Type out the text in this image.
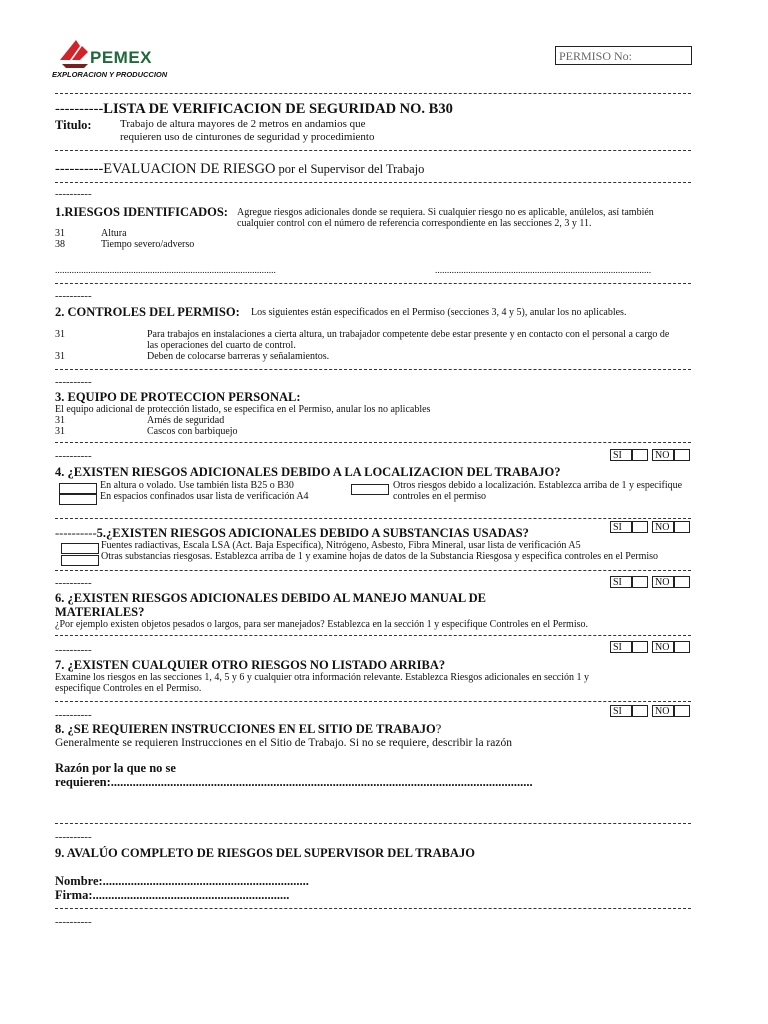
PEMEX
EXPLORACION Y PRODUCCION
PERMISO No:
----------LISTA DE VERIFICACION DE SEGURIDAD NO. B30
Titulo:	Trabajo de altura mayores de 2 metros en andamios que
requieren uso de cinturones de seguridad y procedimiento
----------EVALUACION DE RIESGO por el Supervisor del Trabajo
----------
1.RIESGOS IDENTIFICADOS: Agregue riesgos adicionales donde se requiera. Si cualquier riesgo no es aplicable, anúlelos, así también
cualquier control con el número de referencia correspondiente en las secciones 2, 3 y 11.
31	Altura
38	Tiempo severo/adverso
.............................................................................................	...........................................................................................
----------
2. CONTROLES DEL PERMISO: Los siguientes están especificados en el Permiso (secciones 3, 4 y 5), anular los no aplicables.
31	Para trabajos en instalaciones a cierta altura, un trabajador competente debe estar presente y en contacto con el personal a cargo de
las operaciones del cuarto de control.
31	Deben de colocarse barreras y señalamientos.
----------
3. EQUIPO DE PROTECCION PERSONAL:
El equipo adicional de protección listado, se especifica en el Permiso, anular los no aplicables
31	Arnés de seguridad
31	Cascos con barbiquejo
----------	SI	NO
4. ¿EXISTEN RIESGOS ADICIONALES DEBIDO A LA LOCALIZACION DEL TRABAJO?
En altura o volado. Use también lista B25 o B30
En espacios confinados usar lista de verificación A4
Otros riesgos debido a localización. Establezca arriba de 1 y especifique
controles en el permiso
SI	NO
----------5.¿EXISTEN RIESGOS ADICIONALES DEBIDO A SUBSTANCIAS USADAS?
Fuentes radiactivas, Escala LSA (Act. Baja Específica), Nitrógeno, Asbesto, Fibra Mineral, usar lista de verificación A5
Otras substancias riesgosas. Establezca arriba de 1 y examine hojas de datos de la Substancia Riesgosa y especifica controles en el Permiso
----------	SI	NO
6. ¿EXISTEN RIESGOS ADICIONALES DEBIDO AL MANEJO MANUAL DE
MATERIALES?
¿Por ejemplo existen objetos pesados o largos, para ser manejados? Establezca en la sección 1 y especifique Controles en el Permiso.
----------	SI	NO
7. ¿EXISTEN CUALQUIER OTRO RIESGOS NO LISTADO ARRIBA?
Examine los riesgos en las secciones 1, 4, 5 y 6 y cualquier otra información relevante. Establezca Riesgos adicionales en sección 1 y
especifique Controles en el Permiso.
----------	SI	NO
8. ¿SE REQUIEREN INSTRUCCIONES EN EL SITIO DE TRABAJO?
Generalmente se requieren Instrucciones en el Sitio de Trabajo. Si no se requiere, describir la razón
Razón por la que no se
requieren:.......................................................................................................................................
----------
9. AVALÚO COMPLETO DE RIESGOS DEL SUPERVISOR DEL TRABAJO
Nombre:..................................................................
Firma:...............................................................
----------
